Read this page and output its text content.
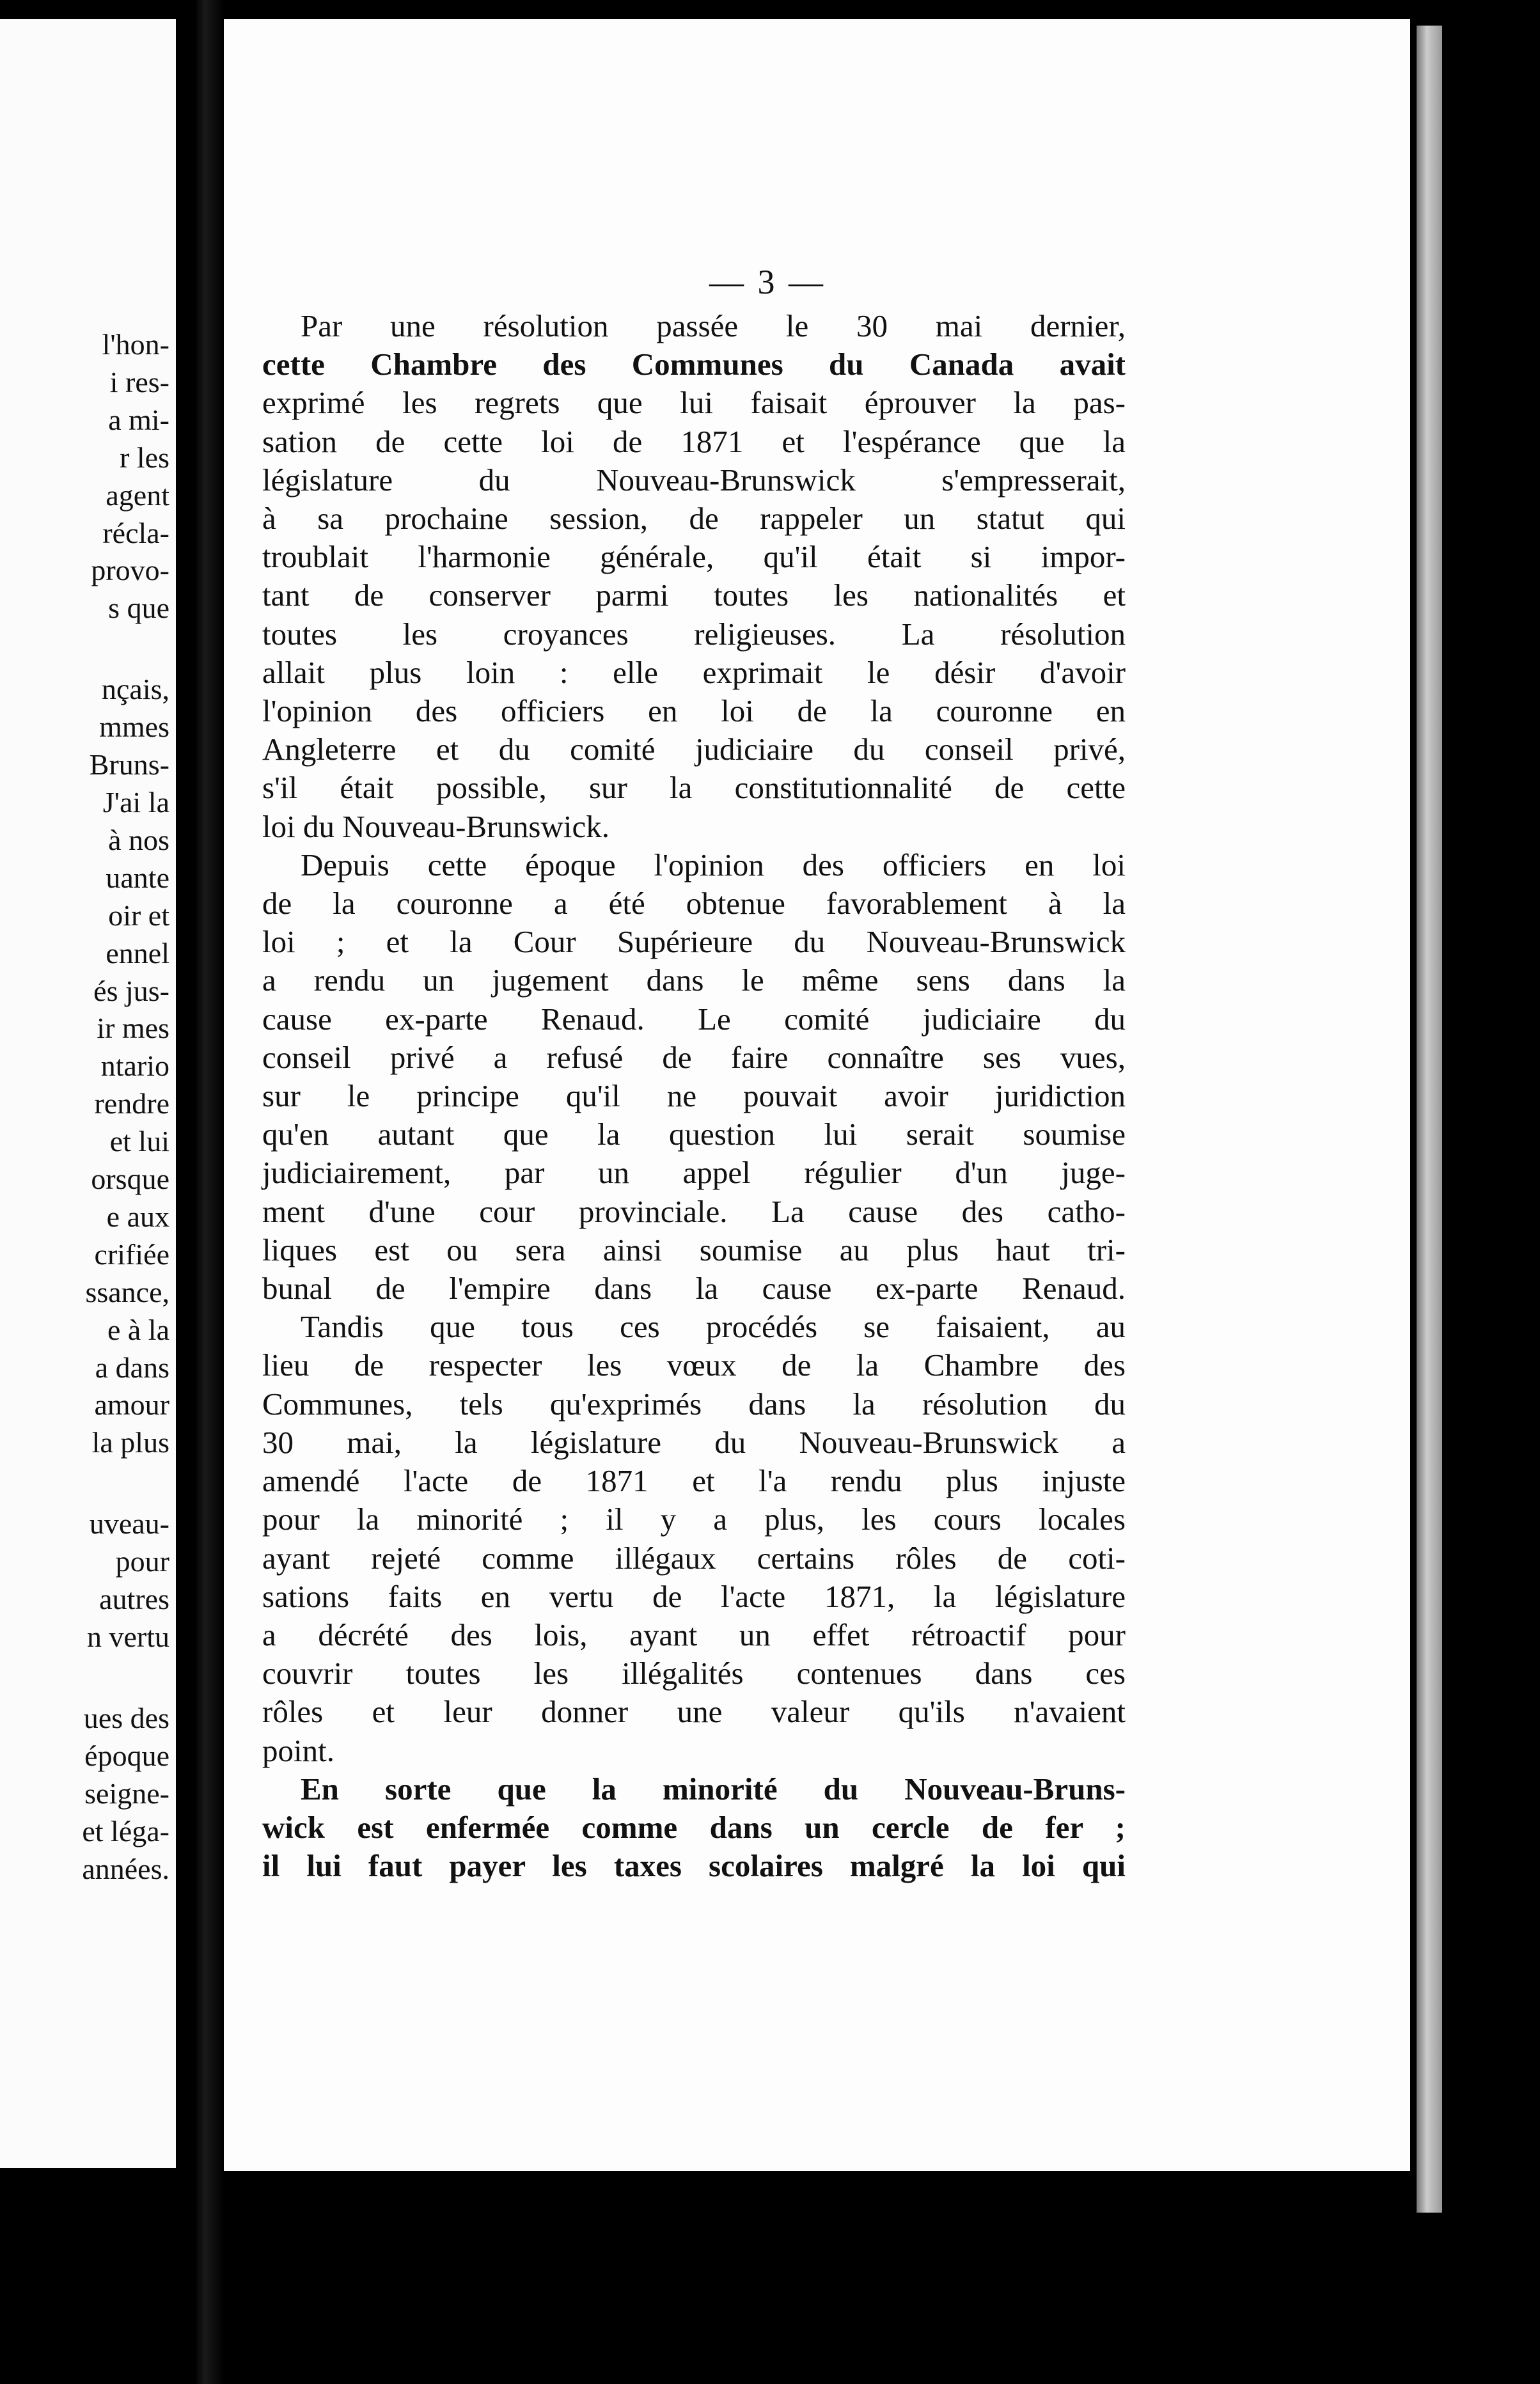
l'hon-
i res-
a mi-
r les
agent
récla-
provo-
s que
nçais,
mmes
Bruns-
J'ai la
à nos
uante
oir et
ennel
és jus-
ir mes
ntario
rendre
et lui
orsque
e aux
crifiée
ssance,
e à la
a dans
amour
la plus
uveau-
pour
autres
n vertu
ues des
époque
seigne-
et léga-
années.
— 3 —
Par une résolution passée le 30 mai dernier,
cette Chambre des Communes du Canada avait
exprimé les regrets que lui faisait éprouver la pas-
sation de cette loi de 1871 et l'espérance que la
législature du Nouveau-Brunswick s'empresserait,
à sa prochaine session, de rappeler un statut qui
troublait l'harmonie générale, qu'il était si impor-
tant de conserver parmi toutes les nationalités et
toutes les croyances religieuses. La résolution
allait plus loin : elle exprimait le désir d'avoir
l'opinion des officiers en loi de la couronne en
Angleterre et du comité judiciaire du conseil privé,
s'il était possible, sur la constitutionnalité de cette
loi du Nouveau-Brunswick.
Depuis cette époque l'opinion des officiers en loi
de la couronne a été obtenue favorablement à la
loi ; et la Cour Supérieure du Nouveau-Brunswick
a rendu un jugement dans le même sens dans la
cause ex-parte Renaud. Le comité judiciaire du
conseil privé a refusé de faire connaître ses vues,
sur le principe qu'il ne pouvait avoir juridiction
qu'en autant que la question lui serait soumise
judiciairement, par un appel régulier d'un juge-
ment d'une cour provinciale. La cause des catho-
liques est ou sera ainsi soumise au plus haut tri-
bunal de l'empire dans la cause ex-parte Renaud.
Tandis que tous ces procédés se faisaient, au
lieu de respecter les vœux de la Chambre des
Communes, tels qu'exprimés dans la résolution du
30 mai, la législature du Nouveau-Brunswick a
amendé l'acte de 1871 et l'a rendu plus injuste
pour la minorité ; il y a plus, les cours locales
ayant rejeté comme illégaux certains rôles de coti-
sations faits en vertu de l'acte 1871, la législature
a décrété des lois, ayant un effet rétroactif pour
couvrir toutes les illégalités contenues dans ces
rôles et leur donner une valeur qu'ils n'avaient
point.
En sorte que la minorité du Nouveau-Bruns-
wick est enfermée comme dans un cercle de fer ;
il lui faut payer les taxes scolaires malgré la loi qui
